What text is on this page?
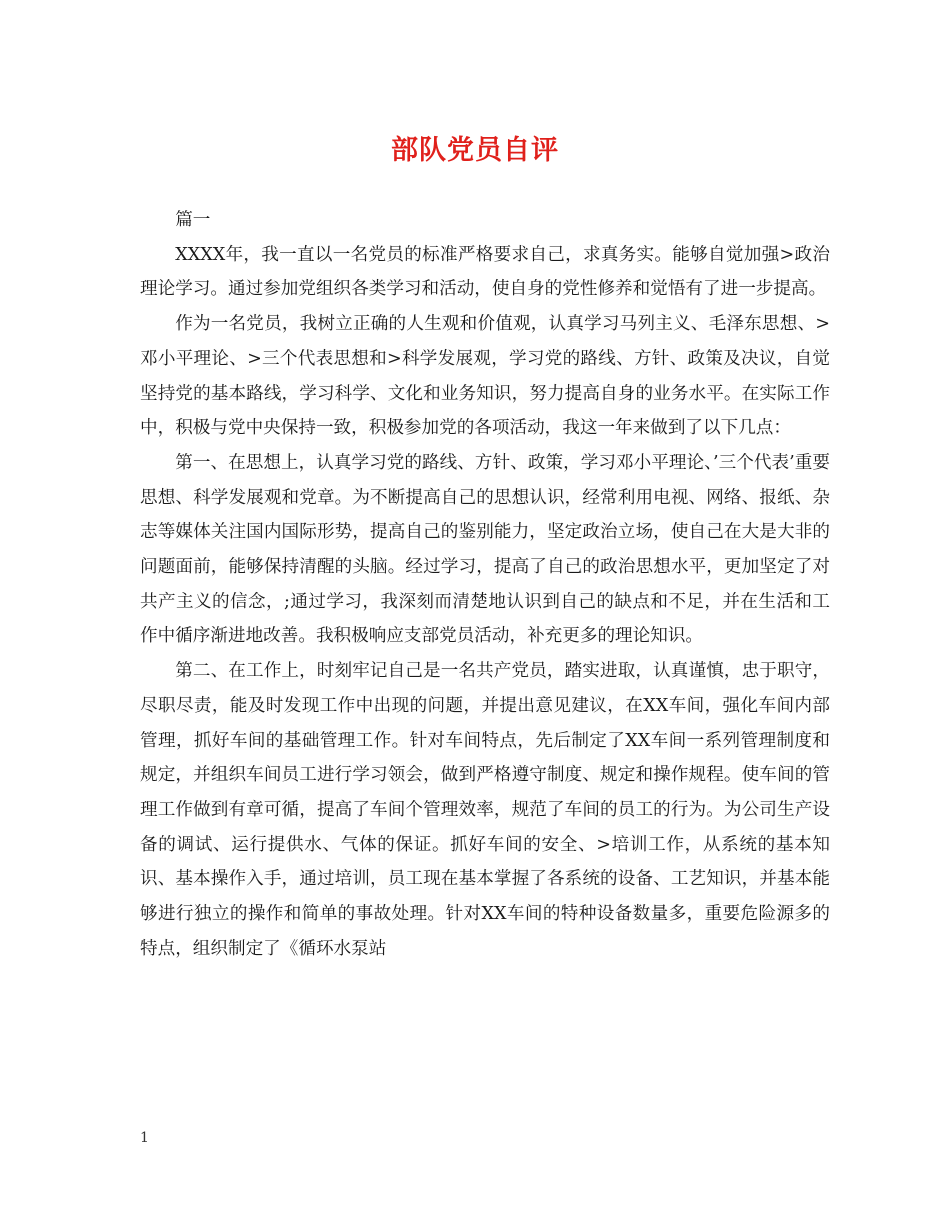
部队党员自评

篇一

XXXX年，我一直以一名党员的标准严格要求自己，求真务实。能够自觉加强>政治理论学习。通过参加党组织各类学习和活动，使自身的党性修养和觉悟有了进一步提高。

作为一名党员，我树立正确的人生观和价值观，认真学习马列主义、毛泽东思想、>邓小平理论、>三个代表思想和>科学发展观，学习党的路线、方针、政策及决议，自觉坚持党的基本路线，学习科学、文化和业务知识，努力提高自身的业务水平。在实际工作中，积极与党中央保持一致，积极参加党的各项活动，我这一年来做到了以下几点：

第一、在思想上，认真学习党的路线、方针、政策，学习邓小平理论、’三个代表’重要思想、科学发展观和党章。为不断提高自己的思想认识，经常利用电视、网络、报纸、杂志等媒体关注国内国际形势，提高自己的鉴别能力，坚定政治立场，使自己在大是大非的问题面前，能够保持清醒的头脑。经过学习，提高了自己的政治思想水平，更加坚定了对共产主义的信念，;通过学习，我深刻而清楚地认识到自己的缺点和不足，并在生活和工作中循序渐进地改善。我积极响应支部党员活动，补充更多的理论知识。

第二、在工作上，时刻牢记自己是一名共产党员，踏实进取，认真谨慎，忠于职守，尽职尽责，能及时发现工作中出现的问题，并提出意见建议，在XX车间，强化车间内部管理，抓好车间的基础管理工作。针对车间特点，先后制定了XX车间一系列管理制度和规定，并组织车间员工进行学习领会，做到严格遵守制度、规定和操作规程。使车间的管理工作做到有章可循，提高了车间个管理效率，规范了车间的员工的行为。为公司生产设备的调试、运行提供水、气体的保证。抓好车间的安全、>培训工作，从系统的基本知识、基本操作入手，通过培训，员工现在基本掌握了各系统的设备、工艺知识，并基本能够进行独立的操作和简单的事故处理。针对XX车间的特种设备数量多，重要危险源多的特点，组织制定了《循环水泵站

1
